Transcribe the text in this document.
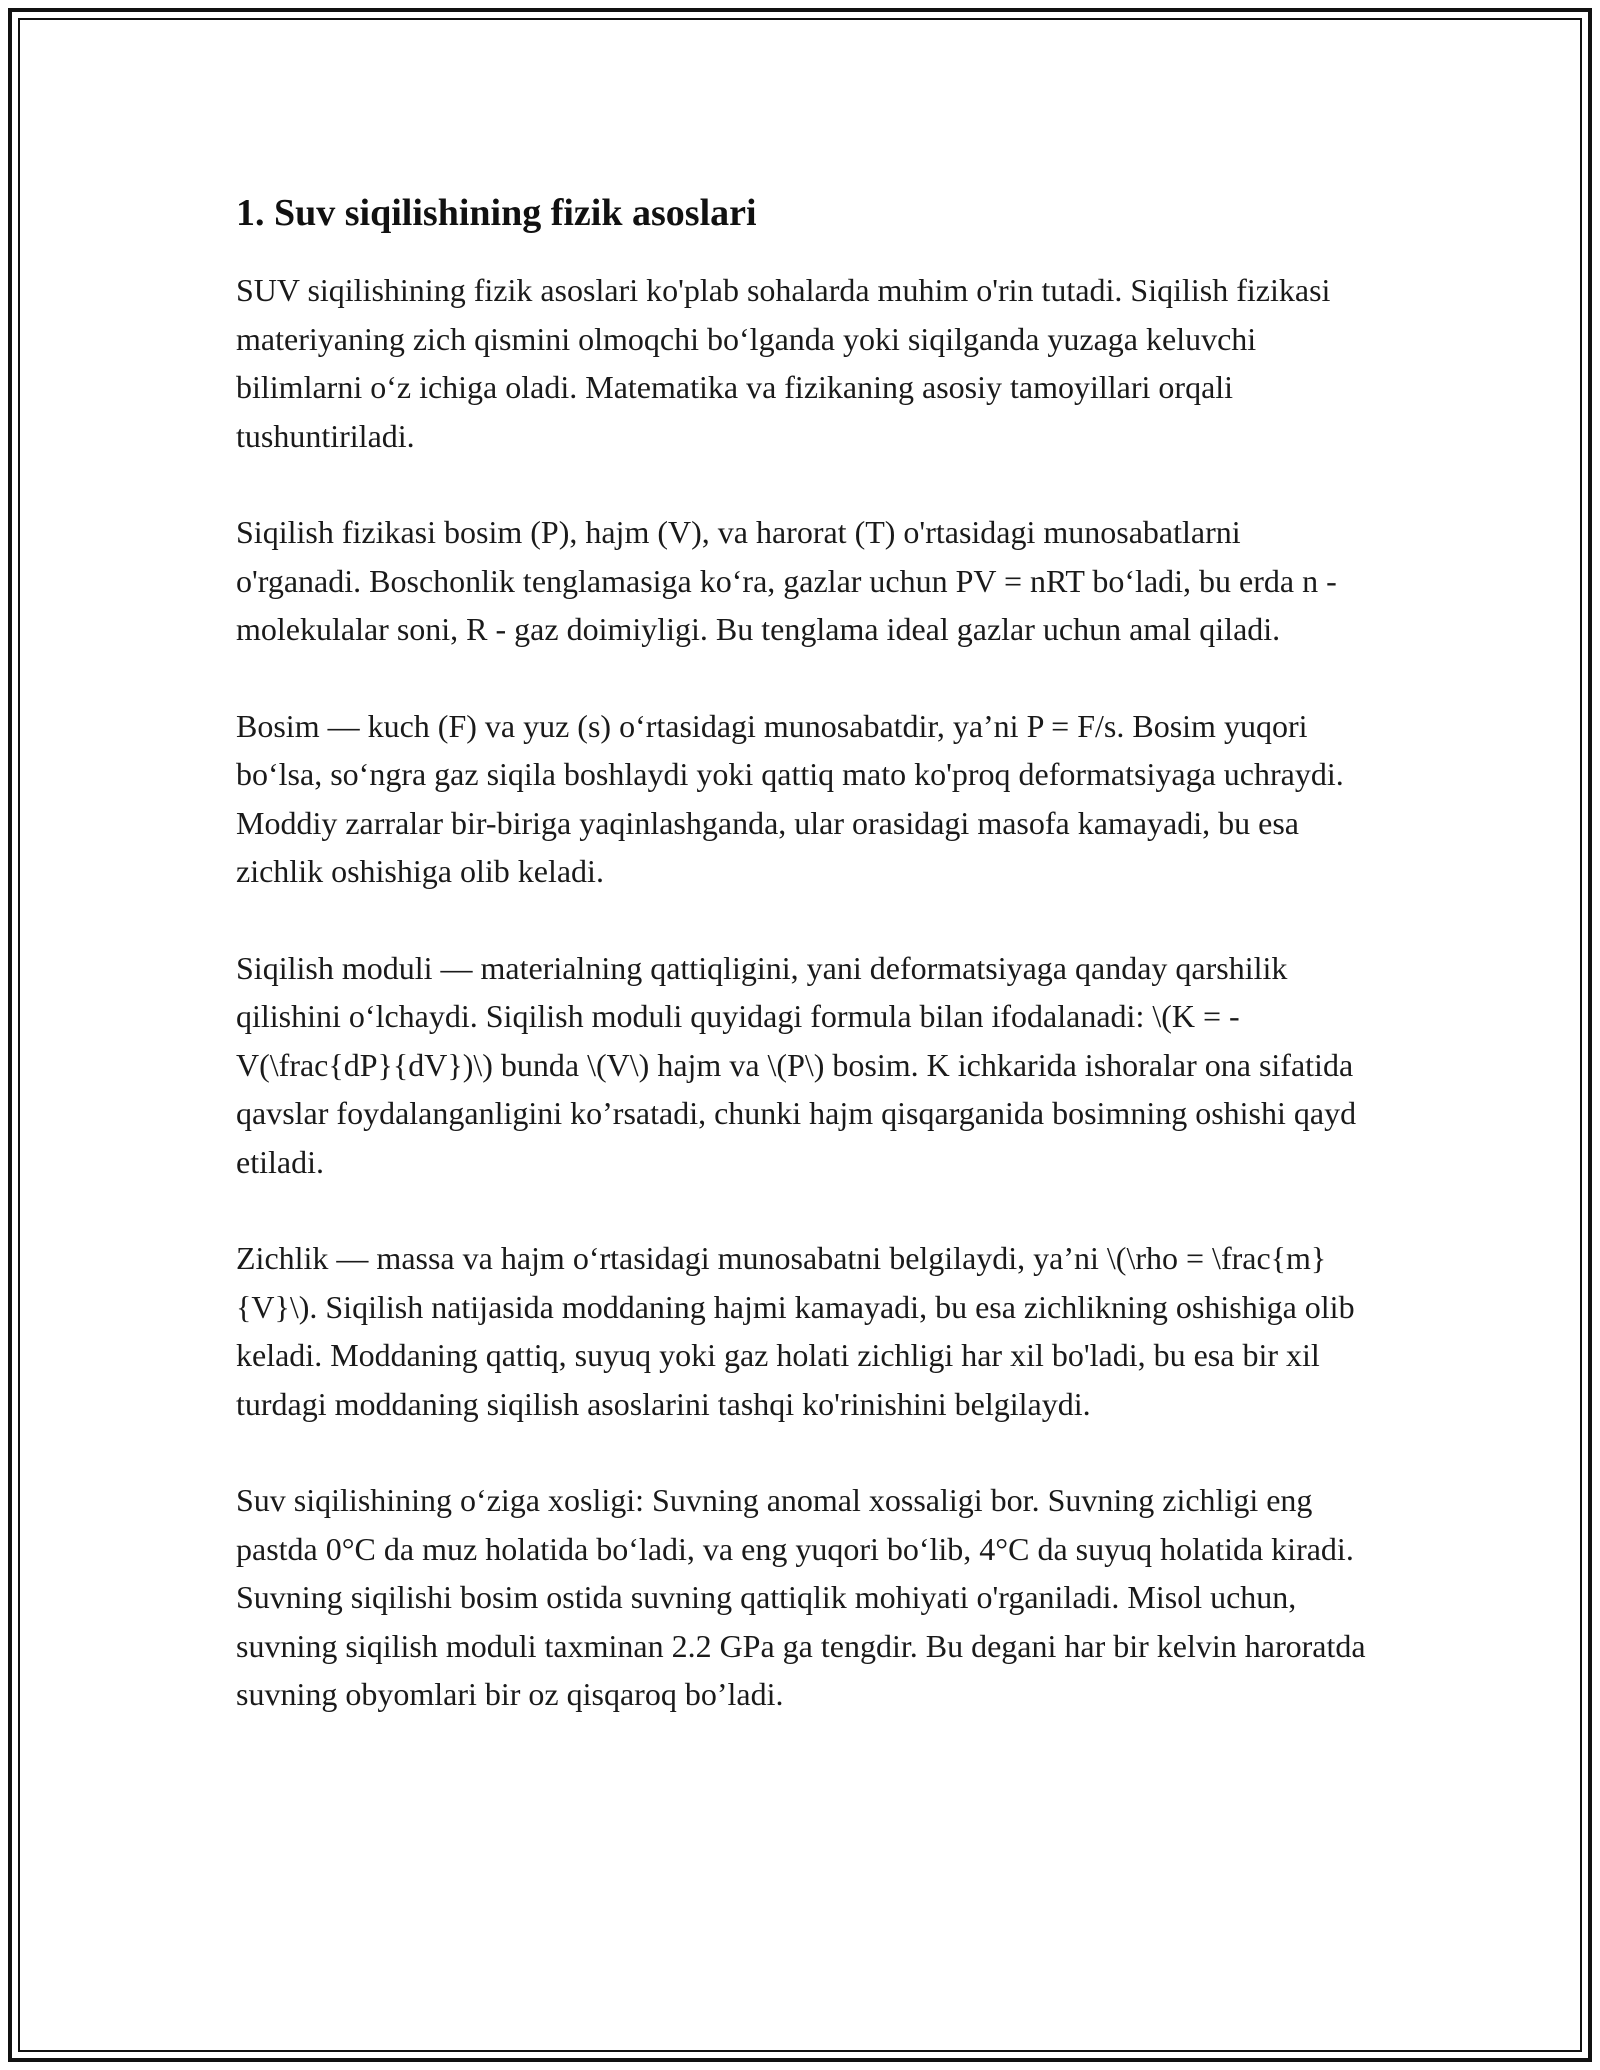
1. Suv siqilishining fizik asoslari

SUV siqilishining fizik asoslari ko'plab sohalarda muhim o'rin tutadi. Siqilish fizikasi materiyaning zich qismini olmoqchi bo‘lganda yoki siqilganda yuzaga keluvchi bilimlarni o‘z ichiga oladi. Matematika va fizikaning asosiy tamoyillari orqali tushuntiriladi.

Siqilish fizikasi bosim (P), hajm (V), va harorat (T) o'rtasidagi munosabatlarni o'rganadi. Boschonlik tenglamasiga ko‘ra, gazlar uchun PV = nRT bo‘ladi, bu erda n - molekulalar soni, R - gaz doimiyligi. Bu tenglama ideal gazlar uchun amal qiladi.

Bosim — kuch (F) va yuz (s) o‘rtasidagi munosabatdir, ya’ni P = F/s. Bosim yuqori bo‘lsa, so‘ngra gaz siqila boshlaydi yoki qattiq mato ko'proq deformatsiyaga uchraydi. Moddiy zarralar bir-biriga yaqinlashganda, ular orasidagi masofa kamayadi, bu esa zichlik oshishiga olib keladi.

Siqilish moduli — materialning qattiqligini, yani deformatsiyaga qanday qarshilik qilishini o‘lchaydi. Siqilish moduli quyidagi formula bilan ifodalanadi: \(K = -V(\frac{dP}{dV})\) bunda \(V\) hajm va \(P\) bosim. K ichkarida ishoralar ona sifatida qavslar foydalanganligini ko’rsatadi, chunki hajm qisqarganida bosimning oshishi qayd etiladi.

Zichlik — massa va hajm o‘rtasidagi munosabatni belgilaydi, ya’ni \(\rho = \frac{m}{V}\). Siqilish natijasida moddaning hajmi kamayadi, bu esa zichlikning oshishiga olib keladi. Moddaning qattiq, suyuq yoki gaz holati zichligi har xil bo'ladi, bu esa bir xil turdagi moddaning siqilish asoslarini tashqi ko'rinishini belgilaydi.

Suv siqilishining o‘ziga xosligi: Suvning anomal xossaligi bor. Suvning zichligi eng pastda 0°C da muz holatida bo‘ladi, va eng yuqori bo‘lib, 4°C da suyuq holatida kiradi. Suvning siqilishi bosim ostida suvning qattiqlik mohiyati o'rganiladi. Misol uchun, suvning siqilish moduli taxminan 2.2 GPa ga tengdir. Bu degani har bir kelvin haroratda suvning obyomlari bir oz qisqaroq bo’ladi.
